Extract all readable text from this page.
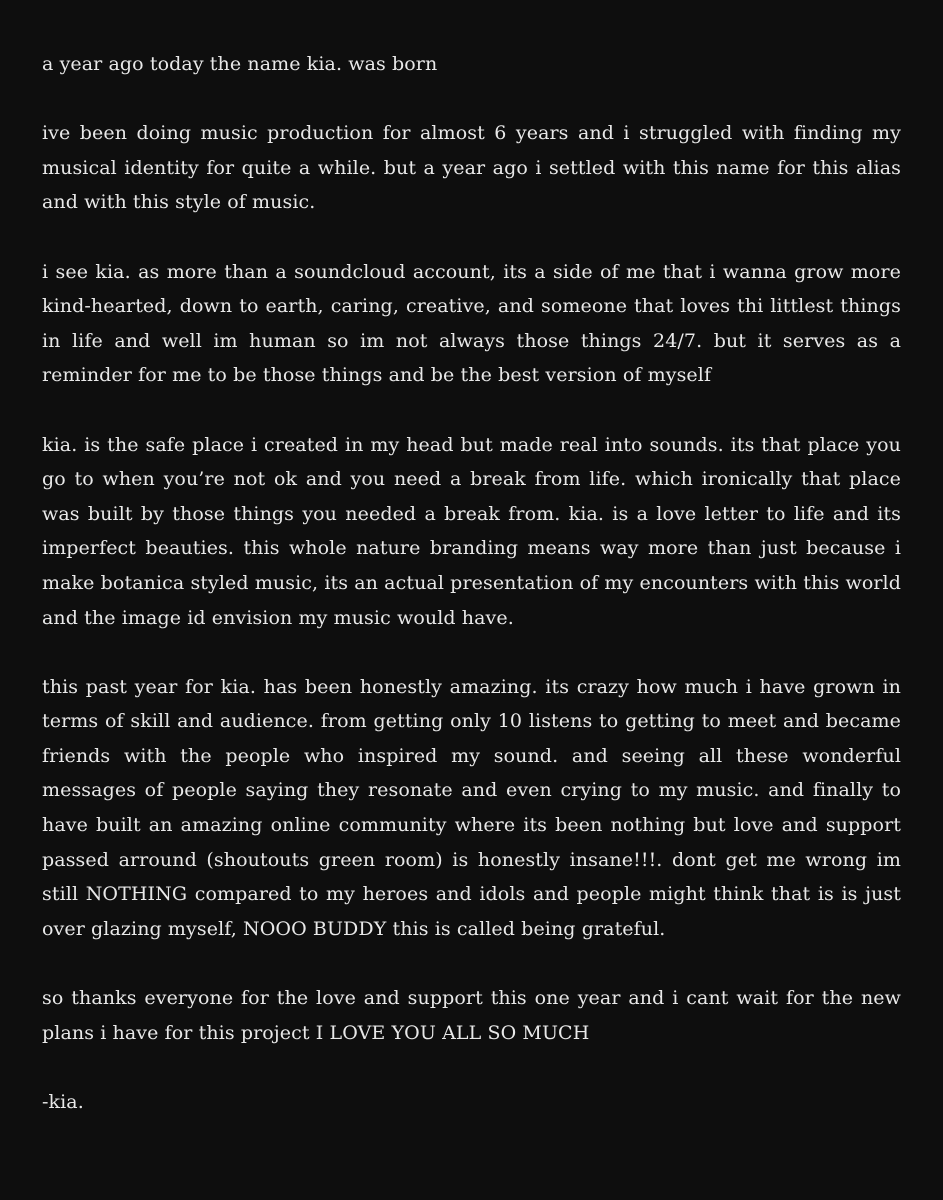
a year ago today the name kia. was born

ive been doing music production for almost 6 years and i struggled with finding my musical identity for quite a while. but a year ago i settled with this name for this alias and with this style of music.

i see kia. as more than a soundcloud account, its a side of me that i wanna grow more kind-hearted, down to earth, caring, creative, and someone that loves thi littlest things in life and well im human so im not always those things 24/7. but it serves as a reminder for me to be those things and be the best version of myself

kia. is the safe place i created in my head but made real into sounds. its that place you go to when you’re not ok and you need a break from life. which ironically that place was built by those things you needed a break from. kia. is a love letter to life and its imperfect beauties. this whole nature branding means way more than just because i make botanica styled music, its an actual presentation of my encounters with this world and the image id envision my music would have.

this past year for kia. has been honestly amazing. its crazy how much i have grown in terms of skill and audience. from getting only 10 listens to getting to meet and became friends with the people who inspired my sound. and seeing all these wonderful messages of people saying they resonate and even crying to my music. and finally to have built an amazing online community where its been nothing but love and support passed arround (shoutouts green room) is honestly insane!!!. dont get me wrong im still NOTHING compared to my heroes and idols and people might think that is is just over glazing myself, NOOO BUDDY this is called being grateful.

so thanks everyone for the love and support this one year and i cant wait for the new plans i have for this project I LOVE YOU ALL SO MUCH

-kia.
